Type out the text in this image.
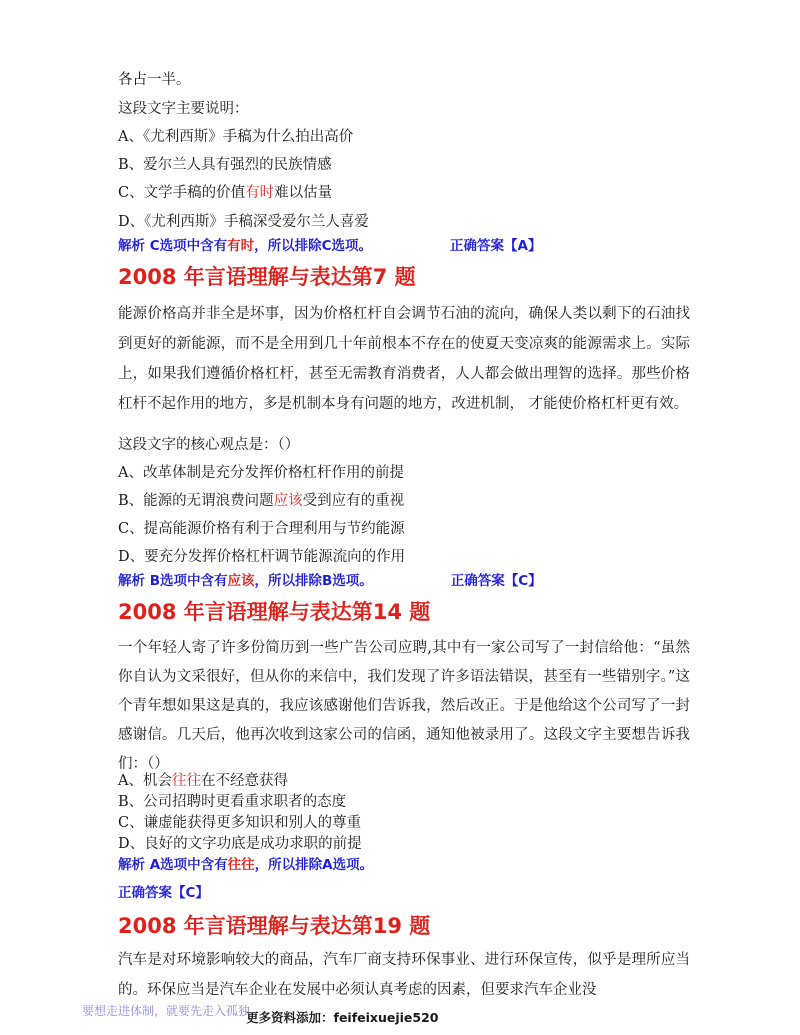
各占一半。
这段文字主要说明：
A、《尤利西斯》手稿为什么拍出高价
B、爱尔兰人具有强烈的民族情感
C、文学手稿的价值有时难以估量
D、《尤利西斯》手稿深受爱尔兰人喜爱
解析 C选项中含有有时，所以排除C选项。	正确答案【A】
2008 年言语理解与表达第7 题
能源价格高并非全是坏事，因为价格杠杆自会调节石油的流向，确保人类以剩下的石油找到更好的新能源，而不是全用到几十年前根本不存在的使夏天变凉爽的能源需求上。实际上，如果我们遵循价格杠杆，甚至无需教育消费者，人人都会做出理智的选择。那些价格杠杆不起作用的地方，多是机制本身有问题的地方，改进机制， 才能使价格杠杆更有效。
这段文字的核心观点是：（）
A、改革体制是充分发挥价格杠杆作用的前提
B、能源的无谓浪费问题应该受到应有的重视
C、提高能源价格有利于合理利用与节约能源
D、要充分发挥价格杠杆调节能源流向的作用
解析 B选项中含有应该，所以排除B选项。	正确答案【C】
2008 年言语理解与表达第14 题
一个年轻人寄了许多份简历到一些广告公司应聘,其中有一家公司写了一封信给他：“虽然你自认为文采很好，但从你的来信中，我们发现了许多语法错误，甚至有一些错别字。”这个青年想如果这是真的，我应该感谢他们告诉我，然后改正。于是他给这个公司写了一封感谢信。几天后，他再次收到这家公司的信函，通知他被录用了。这段文字主要想告诉我们：（）
A、机会往往在不经意获得
B、公司招聘时更看重求职者的态度
C、谦虚能获得更多知识和别人的尊重
D、良好的文字功底是成功求职的前提
解析 A选项中含有往往，所以排除A选项。
正确答案【C】
2008 年言语理解与表达第19 题
汽车是对环境影响较大的商品，汽车厂商支持环保事业、进行环保宣传，似乎是理所应当的。环保应当是汽车企业在发展中必须认真考虑的因素，但要求汽车企业没
要想走进体制，就要先走入孤独
更多资料添加：feifeixuejie520
